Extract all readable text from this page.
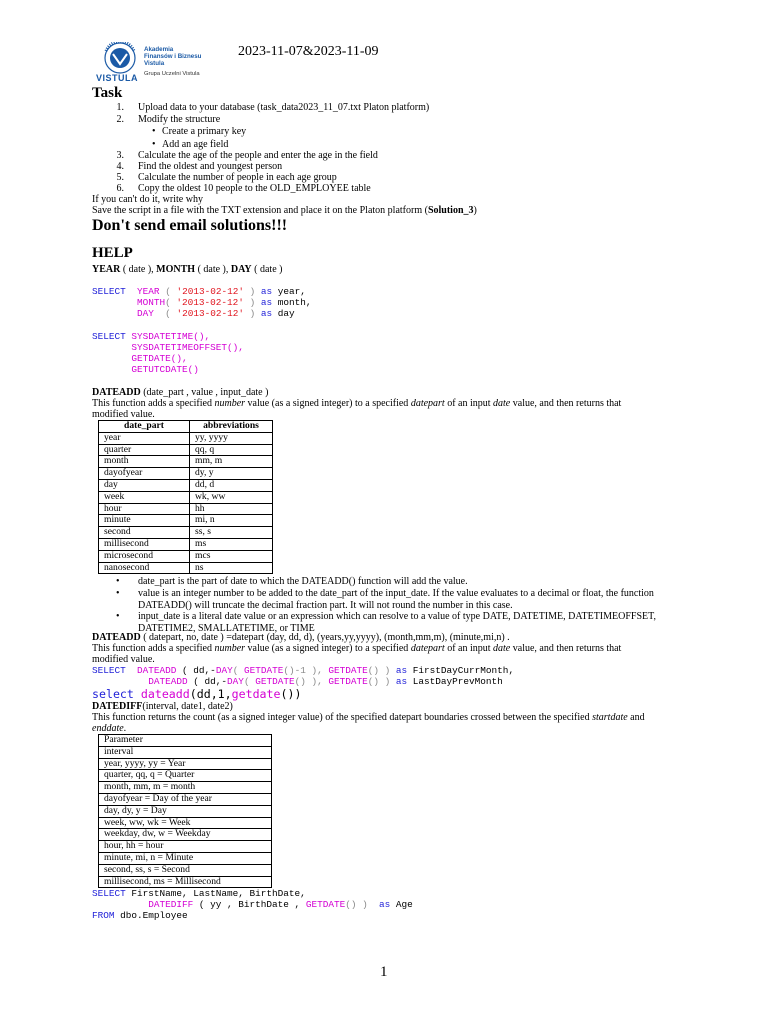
VISTULA
Akademia
Finansów i Biznesu
Vistula
Grupa Uczelni Vistula
2023-11-07&2023-11-09
Task
1. Upload data to your database (task_data2023_11_07.txt Platon platform)
2. Modify the structure
• Create a primary key
• Add an age field
3. Calculate the age of the people and enter the age in the field
4. Find the oldest and youngest person
5. Calculate the number of people in each age group
6. Copy the oldest 10 people to the OLD_EMPLOYEE table
If you can't do it, write why
Save the script in a file with the TXT extension and place it on the Platon platform (Solution_3)
Don't send email solutions!!!
HELP
YEAR ( date ), MONTH ( date ), DAY ( date )
SELECT YEAR ( '2013-02-12' ) as year,
MONTH( '2013-02-12' ) as month,
DAY ( '2013-02-12' ) as day
SELECT SYSDATETIME(),
SYSDATETIMEOFFSET(),
GETDATE(),
GETUTCDATE()
DATEADD (date_part , value , input_date )
This function adds a specified number value (as a signed integer) to a specified datepart of an input date value, and then returns that
modified value.
date_part	abbreviations
year	yy, yyyy
quarter	qq, q
month	mm, m
dayofyear	dy, y
day	dd, d
week	wk, ww
hour	hh
minute	mi, n
second	ss, s
millisecond	ms
microsecond	mcs
nanosecond	ns
• date_part is the part of date to which the DATEADD() function will add the value.
• value is an integer number to be added to the date_part of the input_date. If the value evaluates to a decimal or float, the function DATEADD() will truncate the decimal fraction part. It will not round the number in this case.
• input_date is a literal date value or an expression which can resolve to a value of type DATE, DATETIME, DATETIMEOFFSET, DATETIME2, SMALLATETIME, or TIME
DATEADD ( datepart, no, date ) =datepart (day, dd, d), (years,yy,yyyy), (month,mm,m), (minute,mi,n) .
This function adds a specified number value (as a signed integer) to a specified datepart of an input date value, and then returns that
modified value.
SELECT DATEADD ( dd,-DAY( GETDATE()-1 ), GETDATE() ) as FirstDayCurrMonth,
DATEADD ( dd,-DAY( GETDATE() ), GETDATE() ) as LastDayPrevMonth
select dateadd(dd,1,getdate())
DATEDIFF(interval, date1, date2)
This function returns the count (as a signed integer value) of the specified datepart boundaries crossed between the specified startdate and
enddate.
Parameter
interval
year, yyyy, yy = Year
quarter, qq, q = Quarter
month, mm, m = month
dayofyear = Day of the year
day, dy, y = Day
week, ww, wk = Week
weekday, dw, w = Weekday
hour, hh = hour
minute, mi, n = Minute
second, ss, s = Second
millisecond, ms = Millisecond
SELECT FirstName, LastName, BirthDate,
DATEDIFF ( yy , BirthDate , GETDATE() )  as Age
FROM dbo.Employee
1
